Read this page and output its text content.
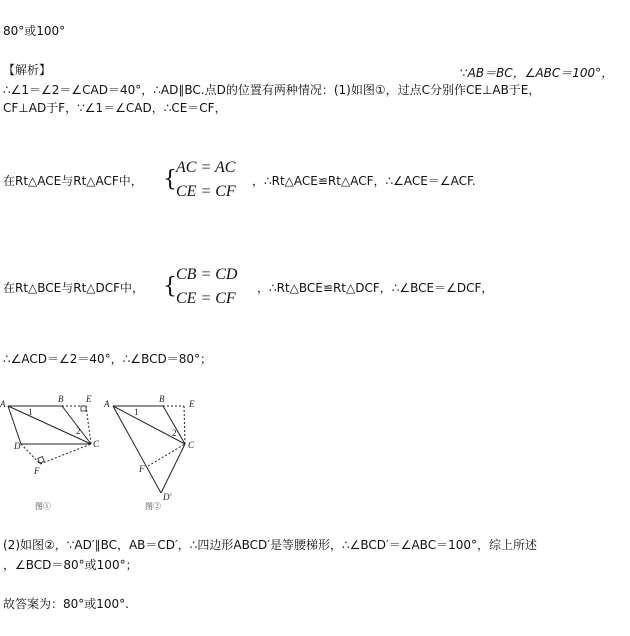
80°或100°
【解析】	∵AB＝BC，∠ABC＝100°，
∴∠1＝∠2＝∠CAD＝40°，∴AD∥BC.点D的位置有两种情况：(1)如图①，过点C分别作CE⊥AB于E，
CF⊥AD于F，∵∠1＝∠CAD，∴CE＝CF，
在Rt△ACE与Rt△ACF中， { AC = AC
CE = CF
，∴Rt△ACE≌Rt△ACF，∴∠ACE＝∠ACF.
在Rt△BCE与Rt△DCF中， { CB = CD
CE = CF
，∴Rt△BCE≌Rt△DCF，∴∠BCE＝∠DCF，
∴∠ACD＝∠2＝40°，∴∠BCD＝80°；
A	B	E
C
D
F
1
2
图①
A	B	E
C
F
D′
1
2
图②
(2)如图②，∵AD′∥BC，AB＝CD′，∴四边形ABCD′是等腰梯形，∴∠BCD′＝∠ABC＝100°，综上所述
，∠BCD＝80°或100°；
故答案为：80°或100°.
